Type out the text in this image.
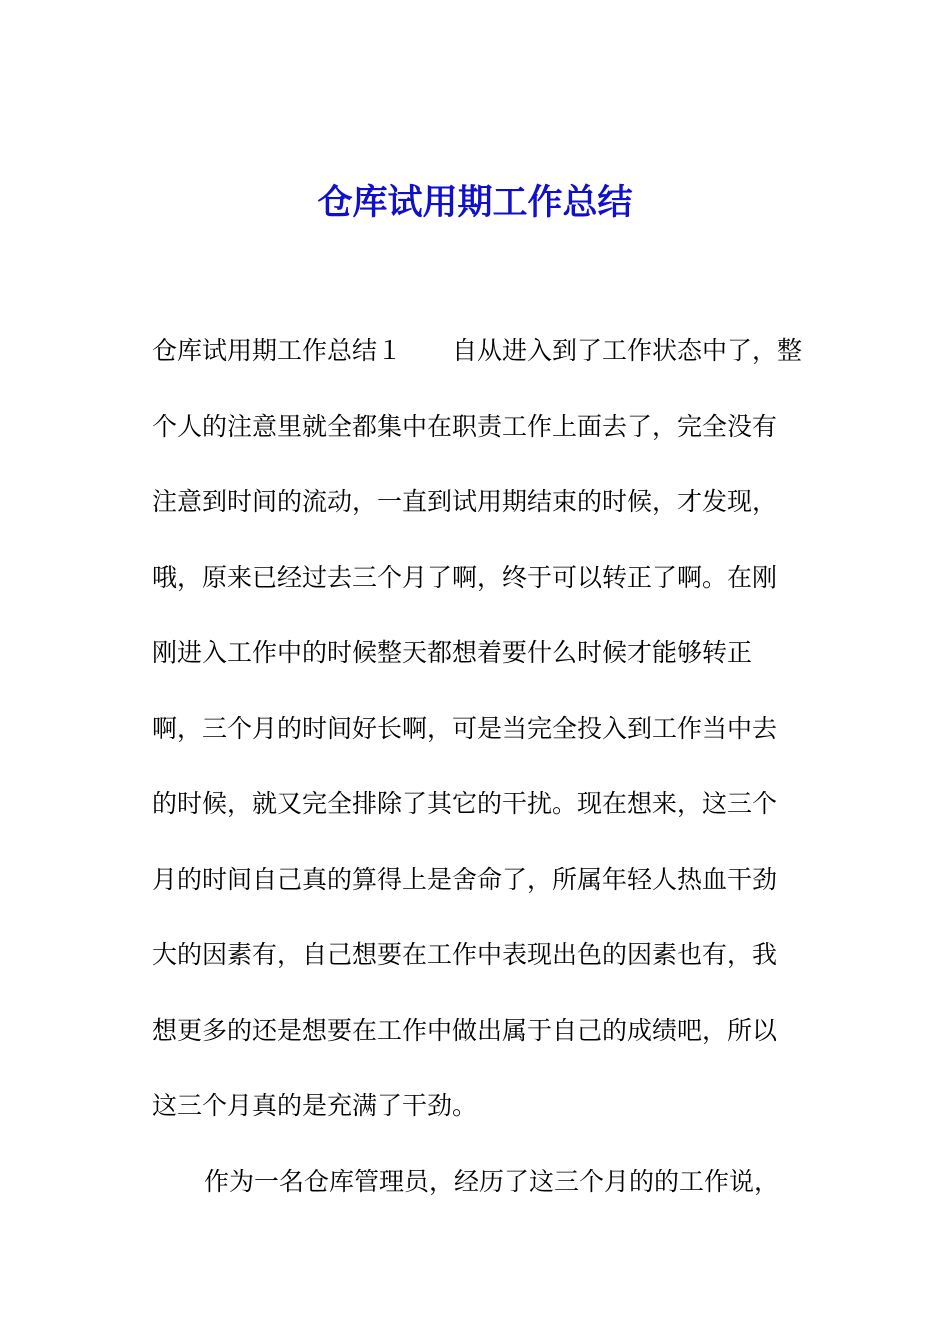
仓库试用期工作总结
仓库试用期工作总结１　　自从进入到了工作状态中了，整
个人的注意里就全都集中在职责工作上面去了，完全没有
注意到时间的流动，一直到试用期结束的时候，才发现，
哦，原来已经过去三个月了啊，终于可以转正了啊。在刚
刚进入工作中的时候整天都想着要什么时候才能够转正
啊，三个月的时间好长啊，可是当完全投入到工作当中去
的时候，就又完全排除了其它的干扰。现在想来，这三个
月的时间自己真的算得上是舍命了，所属年轻人热血干劲
大的因素有，自己想要在工作中表现出色的因素也有，我
想更多的还是想要在工作中做出属于自己的成绩吧，所以
这三个月真的是充满了干劲。
作为一名仓库管理员，经历了这三个月的的工作说，
